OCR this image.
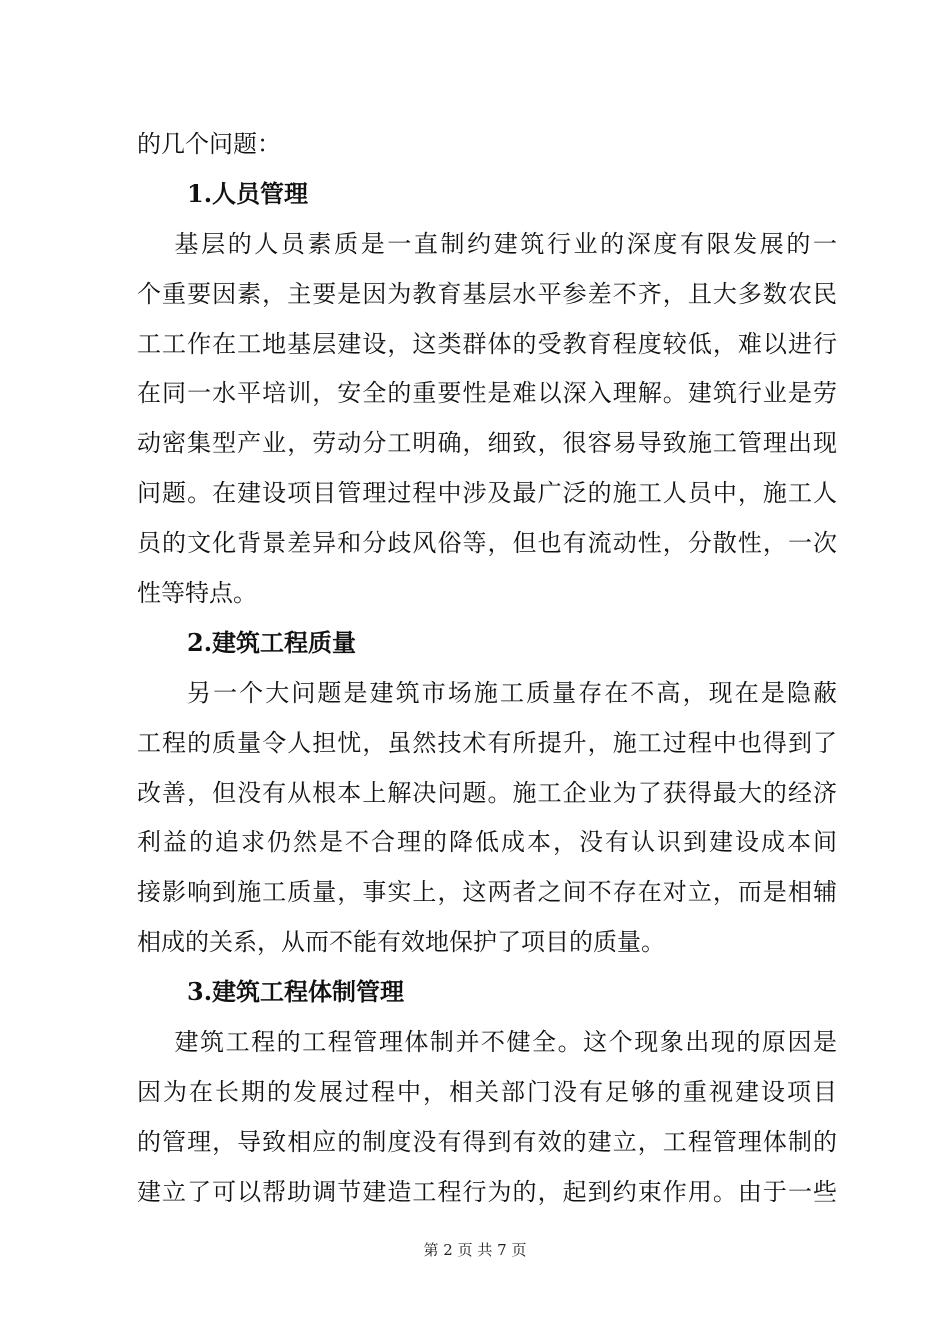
的几个问题：
1.人员管理
基层的人员素质是一直制约建筑行业的深度有限发展的一
个重要因素，主要是因为教育基层水平参差不齐，且大多数农民
工工作在工地基层建设，这类群体的受教育程度较低，难以进行
在同一水平培训，安全的重要性是难以深入理解。建筑行业是劳
动密集型产业，劳动分工明确，细致，很容易导致施工管理出现
问题。在建设项目管理过程中涉及最广泛的施工人员中，施工人
员的文化背景差异和分歧风俗等，但也有流动性，分散性，一次
性等特点。
2.建筑工程质量
另一个大问题是建筑市场施工质量存在不高，现在是隐蔽
工程的质量令人担忧，虽然技术有所提升，施工过程中也得到了
改善，但没有从根本上解决问题。施工企业为了获得最大的经济
利益的追求仍然是不合理的降低成本，没有认识到建设成本间
接影响到施工质量，事实上，这两者之间不存在对立，而是相辅
相成的关系，从而不能有效地保护了项目的质量。
3.建筑工程体制管理
建筑工程的工程管理体制并不健全。这个现象出现的原因是
因为在长期的发展过程中，相关部门没有足够的重视建设项目
的管理，导致相应的制度没有得到有效的建立，工程管理体制的
建立了可以帮助调节建造工程行为的，起到约束作用。由于一些
第 2 页 共 7 页
